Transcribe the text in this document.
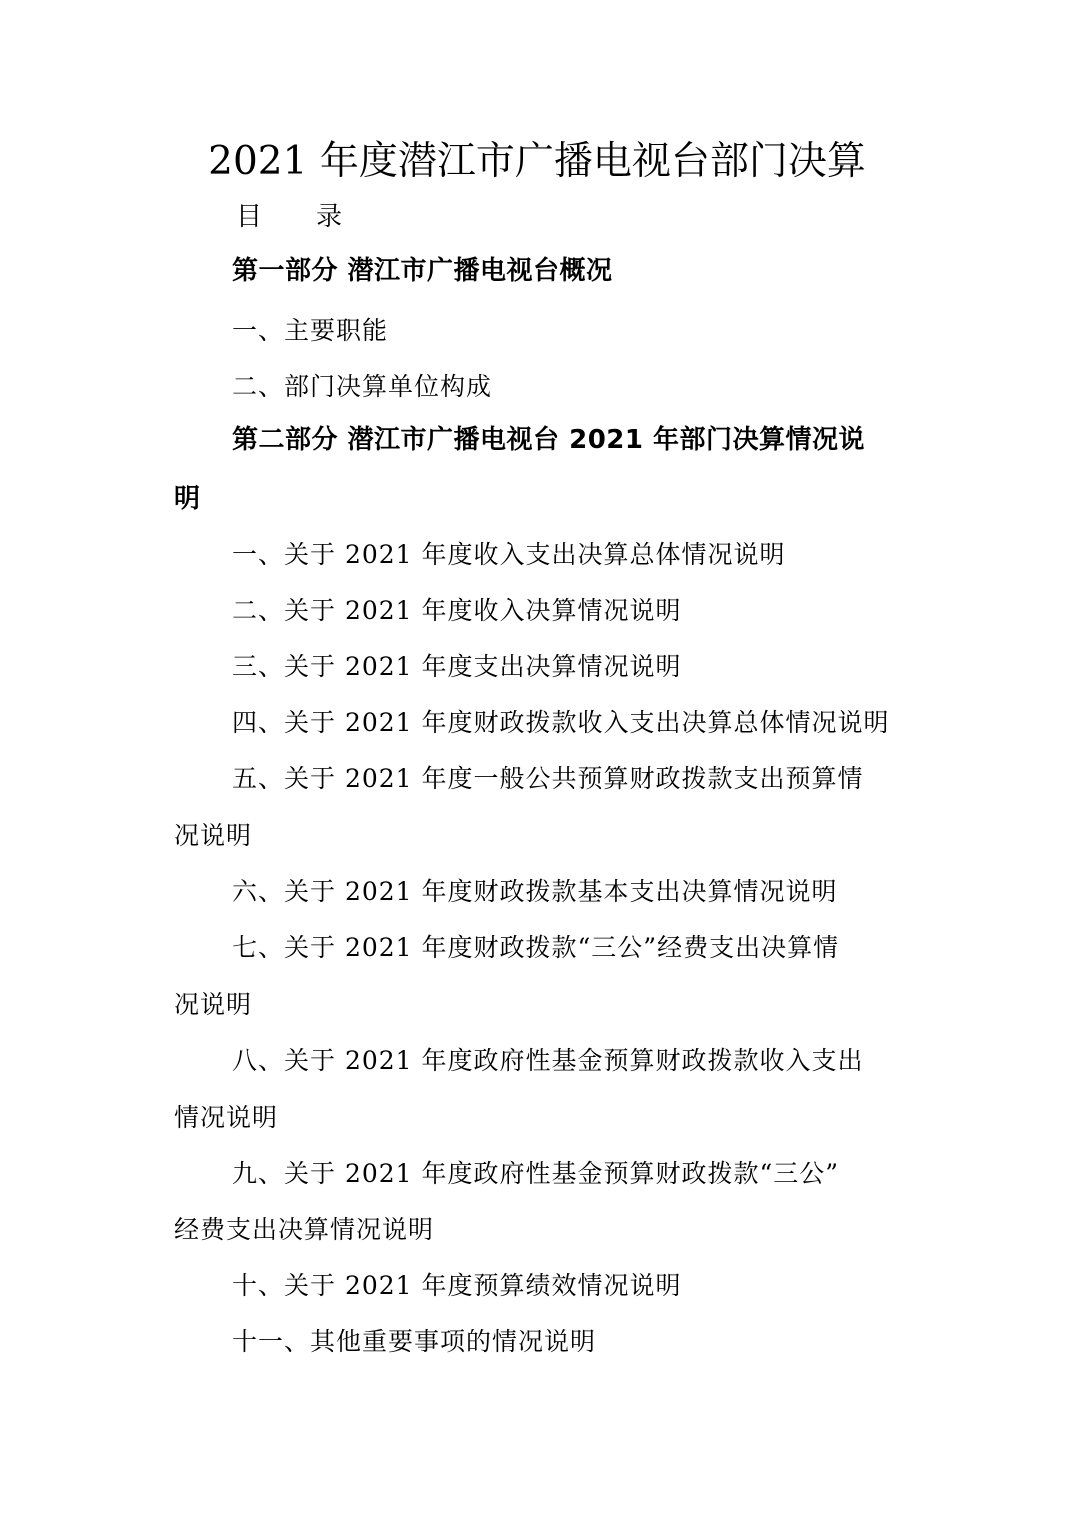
2021 年度潜江市广播电视台部门决算
目 录
第一部分 潜江市广播电视台概况
一、主要职能
二、部门决算单位构成
第二部分 潜江市广播电视台 2021 年部门决算情况说
明
一、关于 2021 年度收入支出决算总体情况说明
二、关于 2021 年度收入决算情况说明
三、关于 2021 年度支出决算情况说明
四、关于 2021 年度财政拨款收入支出决算总体情况说明
五、关于 2021 年度一般公共预算财政拨款支出预算情
况说明
六、关于 2021 年度财政拨款基本支出决算情况说明
七、关于 2021 年度财政拨款“三公”经费支出决算情
况说明
八、关于 2021 年度政府性基金预算财政拨款收入支出
情况说明
九、关于 2021 年度政府性基金预算财政拨款“三公”
经费支出决算情况说明
十、关于 2021 年度预算绩效情况说明
十一、其他重要事项的情况说明
